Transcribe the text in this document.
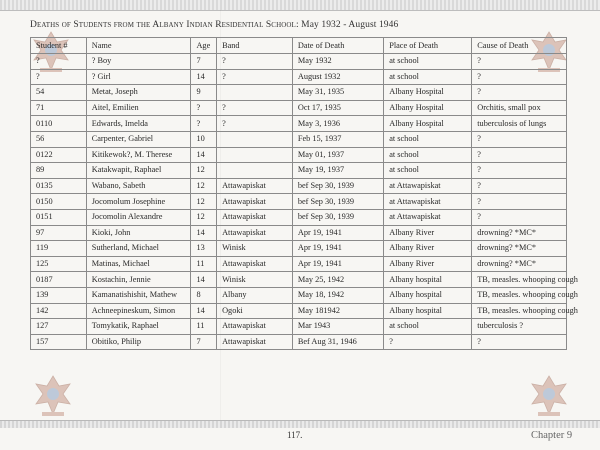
Deaths of Students from the Albany Indian Residential School: May 1932 - August 1946
Student #	Name	Age	Band	Date of Death	Place of Death	Cause of Death
?	? Boy	7	?	May 1932	at school	?
?	? Girl	14	?	August 1932	at school	?
54	Metat, Joseph	9		May 31, 1935	Albany Hospital	?
71	Aitel, Emilien	?	?	Oct 17, 1935	Albany Hospital	Orchitis, small pox
0110	Edwards, Imelda	?	?	May 3, 1936	Albany Hospital	tuberculosis of lungs
56	Carpenter, Gabriel	10		Feb 15, 1937	at school	?
0122	Kitikewok?, M. Therese	14		May 01, 1937	at school	?
89	Katakwapit, Raphael	12		May 19, 1937	at school	?
0135	Wabano, Sabeth	12	Attawapiskat	bef Sep 30, 1939	at Attawapiskat	?
0150	Jocomolum Josephine	12	Attawapiskat	bef Sep 30, 1939	at Attawapiskat	?
0151	Jocomolin Alexandre	12	Attawapiskat	bef Sep 30, 1939	at Attawapiskat	?
97	Kioki, John	14	Attawapiskat	Apr 19, 1941	Albany River	drowning? *MC*
119	Sutherland, Michael	13	Winisk	Apr 19, 1941	Albany River	drowning? *MC*
125	Matinas, Michael	11	Attawapiskat	Apr 19, 1941	Albany River	drowning? *MC*
0187	Kostachin, Jennie	14	Winisk	May 25, 1942	Albany hospital	TB, measles. whooping cough
139	Kamanatishishit, Mathew	8	Albany	May 18, 1942	Albany hospital	TB, measles. whooping cough
142	Achneepineskum, Simon	14	Ogoki	May 181942	Albany hospital	TB, measles. whooping cough
127	Tomykatik, Raphael	11	Attawapiskat	Mar 1943	at school	tuberculosis ?
157	Obitiko, Philip	7	Attawapiskat	Bef Aug 31, 1946	?	?
117.	Chapter 9
